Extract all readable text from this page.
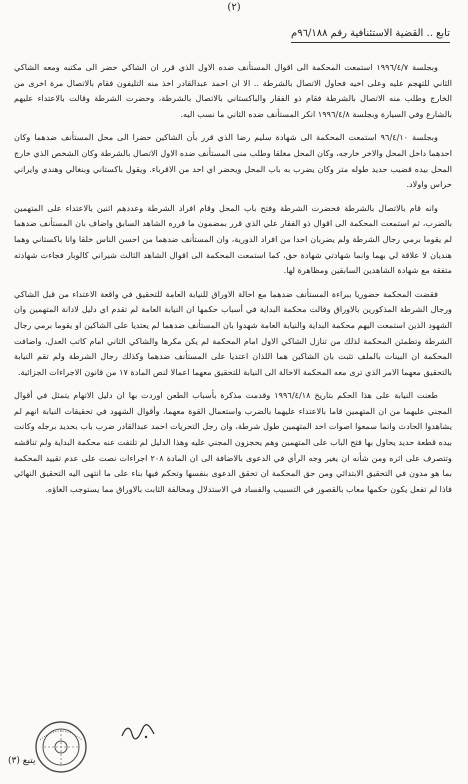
(٢)
تابع .. القضية الاستئنافية رقم ٩٦/١٨٨م

وبجلسة ١٩٩٦/٤/٧ استمعت المحكمة الى اقوال المستأنف ضده الاول الذي قرر ان الشاكي حضر الى مكتبه ومعه الشاكي الثاني للتهجم عليه وعلى اخيه فحاول الاتصال بالشرطة .. الا ان احمد عبدالقادر اخذ منه التليفون فقام بالاتصال مرة اخرى من الخارج وطلب منه الاتصال بالشرطة فقام ذو الفقار والباكستاني بالاتصال بالشرطة، وحضرت الشرطة وقالت بالاعتداء عليهم بالشارع وفي السيارة وبجلسة ١٩٩٦/٤/٨ انكر المستأنف ضده الثاني ما نسب اليه.

وبجلسة ٩٦/٤/١٠ استمعت المحكمة الى شهادة سليم رضا الذي قرر بأن الشاكين حضرا الى محل المستأنف ضدهما وكان احدهما داخل المحل والاخر خارجه، وكان المحل مغلقا وطلب منى المستأنف ضده الاول الاتصال بالشرطة وكان الشخص الذي خارج المحل بيده قضيب حديد طوله متر وكان يضرب به باب المحل ويحضر اي احد من الاقرباء. ويقول باكستاني وبنغالي وهندي وايراني حراس واولاد.

وانه قام بالاتصال بالشرطة فحضرت الشرطة وفتح باب المحل وقام افراد الشرطة وعددهم اثنين بالاعتداء على المتهمين بالضرب، ثم استمعت المحكمة الى اقوال ذو الفقار علي الذي قرر بمضمون ما قرره الشاهد السابق واضاف بان المستأنف ضدهما لم يقوما برمي رجال الشرطة ولم يضربان احدا من افراد الدورية، وان المستأنف ضدهما من احسن الناس خلقا وانا باكستاني وهما هنديان لا علاقة لي بهما وانما شهادتي شهادة حق، كما استمعت المحكمة الى اقوال الشاهد الثالث شيراني كالوبار فجاءت شهادته متفقة مع شهادة الشاهدين السابقين ومظاهرة لها.

فقضت المحكمة حضوريا ببراءة المستأنف ضدهما مع احالة الاوراق للنيابة العامة للتحقيق في واقعة الاعتداء من قبل الشاكي ورجال الشرطة المذكورين بالاوراق وقالت محكمة البداية في أسباب حكمها ان النيابة العامة لم تقدم اي دليل لادانة المتهمين وان الشهود الذين استمعت اليهم محكمة البداية والنيابة العامة شهدوا بان المستأنف ضدهما لم يعتديا على الشاكين او يقوما برمي رجال الشرطة وتطمئن المحكمة لذلك من تنازل الشاكي الاول امام المحكمة لم يكن مكرها والشاكي الثاني امام كاتب العدل، واضافت المحكمة ان البينات بالملف تثبت بان الشاكين هما اللذان اعتديا على المستأنف ضدهما وكذلك رجال الشرطة ولم تقم النيابة بالتحقيق معهما الامر الذي ترى معه المحكمة الاحالة الى النيابة للتحقيق معهما اعمالا لنص المادة ١٧ من قانون الاجراءات الجزائية.

طعنت النيابة على هذا الحكم بتاريخ ١٩٩٦/٤/١٨ وقدمت مذكرة بأسباب الطعن اوردت بها ان دليل الاتهام يتمثل في أقوال المجني عليهما من ان المتهمين قاما بالاعتداء عليهما بالضرب واستعمال القوة معهما، وأقوال الشهود في تحقيقات النيابة انهم لم يشاهدوا الحادث وانما سمعوا اصوات احد المتهمين طول شرطة، وان رجل التحريات احمد عبدالقادر ضرب باب بحديد برجله وكانت بيده قطعة حديد يحاول بها فتح الباب على المتهمين وهم يحجزون المجني عليه وهذا الدليل لم تلتفت عنه محكمة البداية ولم تناقشه وتتصرف على اثره ومن شأنه ان يغير وجه الرأي في الدعوى بالاضافة الى ان المادة ٢٠٨ اجراءات نصت على عدم تقييد المحكمة بما هو مدون في التحقيق الابتدائي ومن حق المحكمة ان تحقق الدعوى بنفسها وتحكم فيها بناء على ما انتهى اليه التحقيق النهائي فاذا لم تفعل يكون حكمها معاب بالقصور في التسبيب والفساد في الاستدلال ومخالفة الثابت بالاوراق مما يستوجب الغاؤه.

يتبع (٣)
